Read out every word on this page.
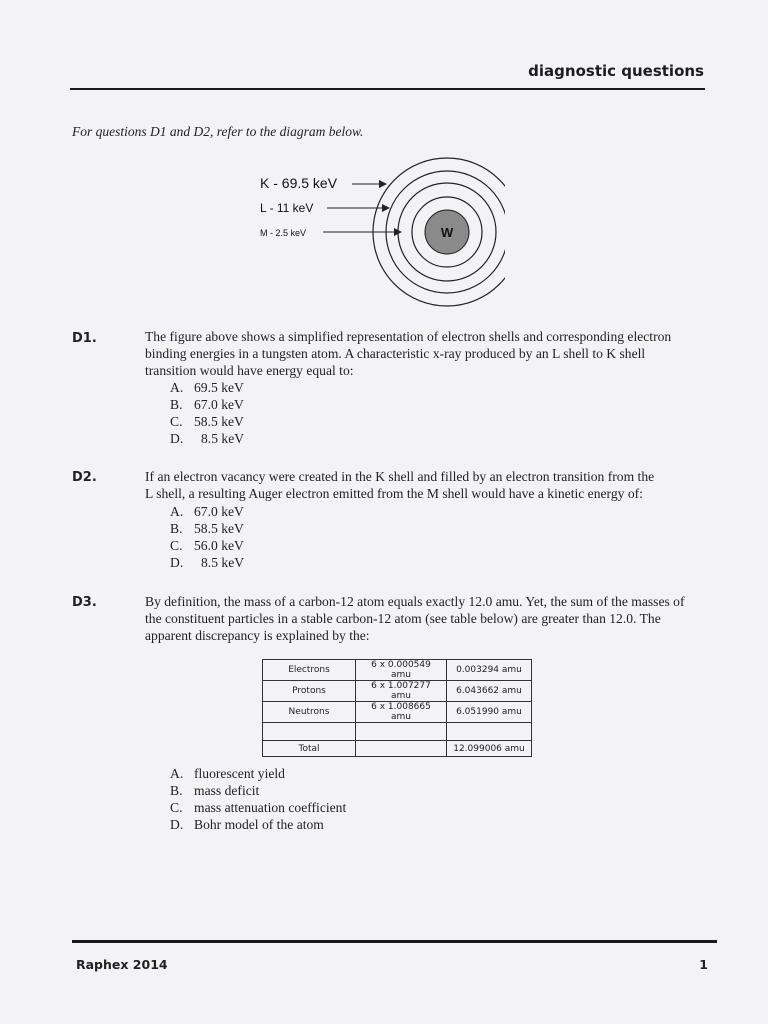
diagnostic questions
For questions D1 and D2, refer to the diagram below.
W
K - 69.5 keV
L - 11 keV
M - 2.5 keV
D1.	The figure above shows a simplified representation of electron shells and corresponding electron
binding energies in a tungsten atom. A characteristic x-ray produced by an L shell to K shell
transition would have energy equal to:
A. 69.5 keV
B. 67.0 keV
C. 58.5 keV
D.	8.5 keV
D2.	If an electron vacancy were created in the K shell and filled by an electron transition from the
L shell, a resulting Auger electron emitted from the M shell would have a kinetic energy of:
A. 67.0 keV
B. 58.5 keV
C. 56.0 keV
D.	8.5 keV
D3.	By definition, the mass of a carbon-12 atom equals exactly 12.0 amu. Yet, the sum of the masses of
the constituent particles in a stable carbon-12 atom (see table below) are greater than 12.0. The
apparent discrepancy is explained by the:
Electrons	6 x 0.000549 amu	0.003294 amu
Protons	6 x 1.007277 amu	6.043662 amu
Neutrons	6 x 1.008665 amu	6.051990 amu

Total		12.099006 amu
A. fluorescent yield
B. mass deficit
C. mass attenuation coefficient
D. Bohr model of the atom
Raphex 2014	1
